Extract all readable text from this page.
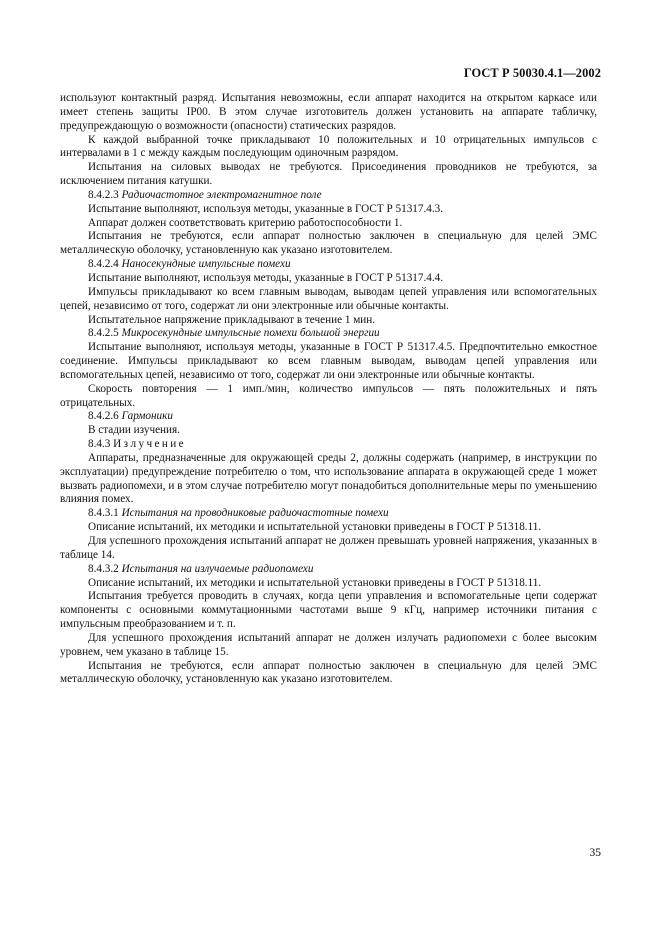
ГОСТ Р 50030.4.1—2002

используют контактный разряд. Испытания невозможны, если аппарат находится на открытом каркасе или имеет степень защиты IP00. В этом случае изготовитель должен установить на аппарате табличку, предупреждающую о возможности (опасности) статических разрядов.

К каждой выбранной точке прикладывают 10 положительных и 10 отрицательных импульсов с интервалами в 1 с между каждым последующим одиночным разрядом.

Испытания на силовых выводах не требуются. Присоединения проводников не требуются, за исключением питания катушки.

8.4.2.3 Радиочастотное электромагнитное поле

Испытание выполняют, используя методы, указанные в ГОСТ Р 51317.4.3.

Аппарат должен соответствовать критерию работоспособности 1.

Испытания не требуются, если аппарат полностью заключен в специальную для целей ЭМС металлическую оболочку, установленную как указано изготовителем.

8.4.2.4 Наносекундные импульсные помехи

Испытание выполняют, используя методы, указанные в ГОСТ Р 51317.4.4.

Импульсы прикладывают ко всем главным выводам, выводам цепей управления или вспомогательных цепей, независимо от того, содержат ли они электронные или обычные контакты.

Испытательное напряжение прикладывают в течение 1 мин.

8.4.2.5 Микросекундные импульсные помехи большой энергии

Испытание выполняют, используя методы, указанные в ГОСТ Р 51317.4.5. Предпочтительно емкостное соединение. Импульсы прикладывают ко всем главным выводам, выводам цепей управления или вспомогательных цепей, независимо от того, содержат ли они электронные или обычные контакты.

Скорость повторения — 1 имп./мин, количество импульсов — пять положительных и пять отрицательных.

8.4.2.6 Гармоники

В стадии изучения.

8.4.3 Излучение

Аппараты, предназначенные для окружающей среды 2, должны содержать (например, в инструкции по эксплуатации) предупреждение потребителю о том, что использование аппарата в окружающей среде 1 может вызвать радиопомехи, и в этом случае потребителю могут понадобиться дополнительные меры по уменьшению влияния помех.

8.4.3.1 Испытания на проводниковые радиочастотные помехи

Описание испытаний, их методики и испытательной установки приведены в ГОСТ Р 51318.11.

Для успешного прохождения испытаний аппарат не должен превышать уровней напряжения, указанных в таблице 14.

8.4.3.2 Испытания на излучаемые радиопомехи

Описание испытаний, их методики и испытательной установки приведены в ГОСТ Р 51318.11.

Испытания требуется проводить в случаях, когда цепи управления и вспомогательные цепи содержат компоненты с основными коммутационными частотами выше 9 кГц, например источники питания с импульсным преобразованием и т. п.

Для успешного прохождения испытаний аппарат не должен излучать радиопомехи с более высоким уровнем, чем указано в таблице 15.

Испытания не требуются, если аппарат полностью заключен в специальную для целей ЭМС металлическую оболочку, установленную как указано изготовителем.

35
